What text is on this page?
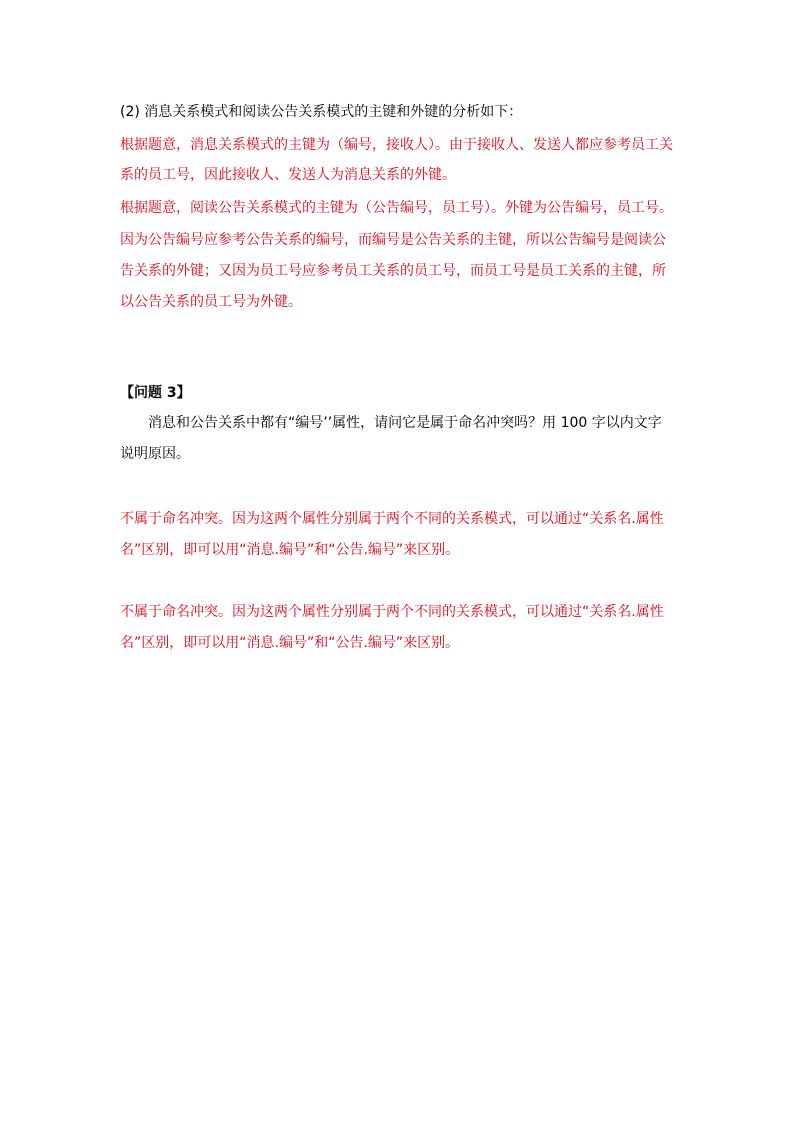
(2) 消息关系模式和阅读公告关系模式的主键和外键的分析如下：
根据题意，消息关系模式的主键为（编号，接收人）。由于接收人、发送人都应参考员工关
系的员工号，因此接收人、发送人为消息关系的外键。
根据题意，阅读公告关系模式的主键为（公告编号，员工号）。外键为公告编号，员工号。
因为公告编号应参考公告关系的编号，而编号是公告关系的主键，所以公告编号是阅读公
告关系的外键；又因为员工号应参考员工关系的员工号，而员工号是员工关系的主键，所
以公告关系的员工号为外键。
【问题 3】
消息和公告关系中都有“编号’’属性，请问它是属于命名冲突吗？用 100 字以内文字
说明原因。
不属于命名冲突。因为这两个属性分别属于两个不同的关系模式，可以通过“关系名.属性
名”区别，即可以用“消息.编号”和“公告.编号”来区别。
不属于命名冲突。因为这两个属性分别属于两个不同的关系模式，可以通过“关系名.属性
名”区别，即可以用“消息.编号”和“公告.编号”来区别。
